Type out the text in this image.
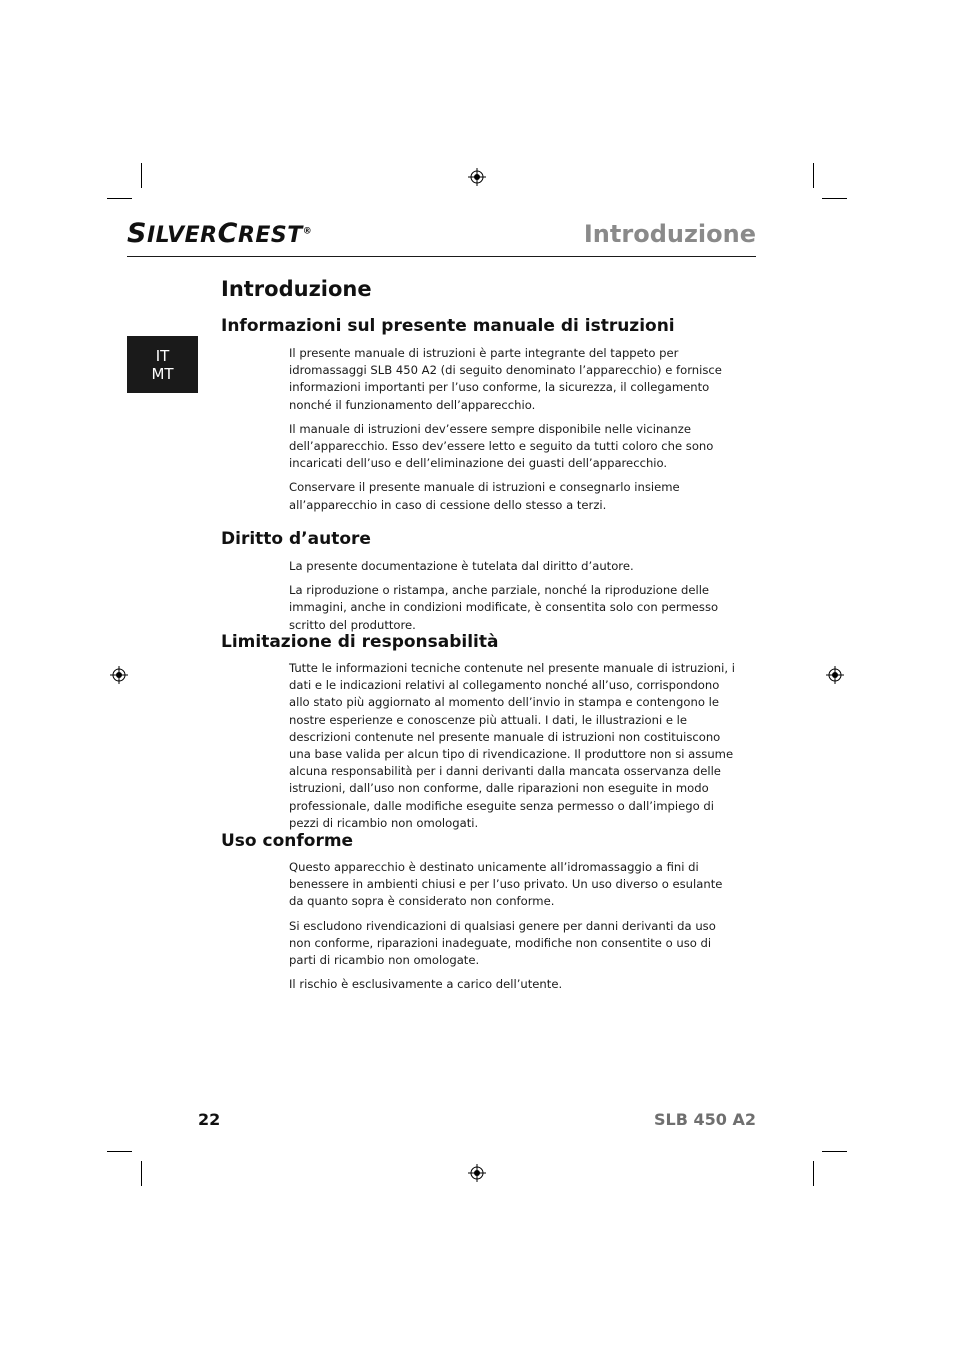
SILVERCREST®	Introduzione
IT
MT
Introduzione
Informazioni sul presente manuale di istruzioni

Il presente manuale di istruzioni è parte integrante del tappeto per idromassaggi SLB 450 A2 (di seguito denominato l’apparecchio) e fornisce informazioni importanti per l’uso conforme, la sicurezza, il collegamento nonché il funzionamento dell’apparecchio.

Il manuale di istruzioni dev’essere sempre disponibile nelle vicinanze dell’apparecchio. Esso dev’essere letto e seguito da tutti coloro che sono incaricati dell’uso e dell’eliminazione dei guasti dell’apparecchio.

Conservare il presente manuale di istruzioni e consegnarlo insieme all’apparecchio in caso di cessione dello stesso a terzi.

Diritto d’autore

La presente documentazione è tutelata dal diritto d’autore.

La riproduzione o ristampa, anche parziale, nonché la riproduzione delle immagini, anche in condizioni modificate, è consentita solo con permesso scritto del produttore.

Limitazione di responsabilità

Tutte le informazioni tecniche contenute nel presente manuale di istruzioni, i dati e le indicazioni relativi al collegamento nonché all’uso, corrispondono allo stato più aggiornato al momento dell’invio in stampa e contengono le nostre esperienze e conoscenze più attuali. I dati, le illustrazioni e le descrizioni contenute nel presente manuale di istruzioni non costituiscono una base valida per alcun tipo di rivendicazione. Il produttore non si assume alcuna responsabilità per i danni derivanti dalla mancata osservanza delle istruzioni, dall’uso non conforme, dalle riparazioni non eseguite in modo professionale, dalle modifiche eseguite senza permesso o dall’impiego di pezzi di ricambio non omologati.

Uso conforme

Questo apparecchio è destinato unicamente all’idromassaggio a fini di benessere in ambienti chiusi e per l’uso privato. Un uso diverso o esulante da quanto sopra è considerato non conforme.

Si escludono rivendicazioni di qualsiasi genere per danni derivanti da uso non conforme, riparazioni inadeguate, modifiche non consentite o uso di parti di ricambio non omologate.

Il rischio è esclusivamente a carico dell’utente.

22	SLB 450 A2
